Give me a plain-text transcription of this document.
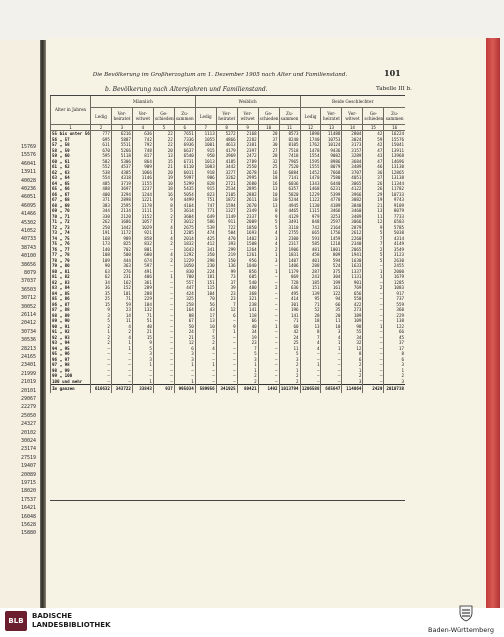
15769
15576
46041
13911
40028
40236
46051
46095
41466
45302
41052
40733
38743
40100
38656
8079
37037
36503
30712
30052
26114
20412
30734
30536
28213
24165
23401
21999
21019
20101
29067
22279
25050
24327
20102
30024
23174
27519
19407
20089
19715
18020
17537
16421
16048
15628
15880
101
Die Bevölkerung im Großherzogtum am 1. Dezember 1905 nach Alter und Familienstand.
b. Bevölkerung nach Altersjahren und Familienstand.	Tabelle III b.
Alter in Jahren	Männlich					Weiblich					Beide Geschlechter				
	Ledig	Ver-heiratet	Ver-witwet	Ge-schieden	Zu-sammen	Ledig	Ver-heiratet	Ver-witwet	Ge-schieden	Zu-sammen	Ledig	Ver-heiratet	Ver-witwet	Ge-schieden	Zu-sammen
1	2	3	4	5	6	7	8	9	10	11	12	13	14	15	16
55 bis unter 56	777	6216	636	22	7651	1113	5272	2168	20	8573	1890	11488	2804	42	16224
56 „ 57	695	5887	742	22	7336	1055	4866	2282	37	8240	1740	10753	3024	59	15576
57 „ 58	611	5511	792	22	6936	1001	4613	2381	30	8105	1762	10124	3173	42	15041
58 „ 59	670	5266	748	20	6637	915	4179	2397	27	7518	1478	9436	3157	47	13911
59 „ 60	595	5118	817	13	6540	950	3969	2472	28	7418	1554	9082	3289	43	13968
60 „ 61	582	5306	864	15	6731	1013	4185	2789	32	7965	1595	8986	3684	47	14696
61 „ 62	552	4537	909	21	6110	1003	3442	2550	25	7520	1555	8079	3489	46	13130
62 „ 63	538	4385	1066	20	6011	918	3277	2678	16	6884	1452	7668	3707	36	12865
63 „ 64	554	4318	1146	19	5997	906	3262	2995	18	7141	1470	7580	4051	37	13138
64 „ 65	485	3719	1155	10	5299	828	2721	2680	16	6036	1343	6440	3065	26	11344
65 „ 66	488	3697	1237	18	5435	915	2534	2895	13	6357	1468	6231	4122	26	11782
66 „ 67	400	3294	1244	16	5054	823	2105	2882	10	5820	1229	5399	3966	29	10733
67 „ 68	371	2898	1221	9	4499	751	1872	2611	10	5244	1122	4770	3882	19	9743
68 „ 69	383	2595	1178	8	4164	747	1594	2670	13	4945	1130	4189	3848	21	9109
69 „ 70	344	2134	1111	5	3614	771	1327	2349	8	4465	1115	3466	3460	13	8079
70 „ 71	330	2120	1152	2	3604	649	1149	2337	9	4129	979	3253	3489	11	7733
71 „ 72	262	1686	1057	7	3012	586	911	2009	5	3491	848	2597	3066	12	6503
72 „ 73	250	1442	1029	4	2675	539	722	1850	5	3110	742	2164	2879	9	5785
73 „ 74	191	1172	921	1	2285	474	584	1693	4	2755	665	1756	2612	5	5038
74 „ 75	168	989	858	4	2014	425	470	1402	3	2300	593	1459	2260	7	4314
75 „ 76	173	825	832	2	1832	412	393	1508	4	2317	585	1218	2340	7	4149
76 „ 77	140	702	801	—	1643	341	299	1264	2	1906	481	1001	2065	2	3549
77 „ 78	108	500	680	4	1292	350	219	1261	1	1831	458	809	1941	5	3123
78 „ 79	109	444	674	2	1229	298	150	956	3	1407	401	594	1630	5	2630
79 „ 80	90	363	597	—	1050	230	136	1040	—	1406	288	524	1633	—	2455
80 „ 81	63	276	491	—	830	224	99	856	1	1179	287	375	1337	1	2000
81 „ 82	62	231	406	1	700	181	73	605	—	869	243	304	1131	1	1679
82 „ 83	34	162	361	—	557	151	37	540	—	728	185	199	901	—	1285
83 „ 84	36	152	289	—	447	115	39	480	2	636	151	161	769	2	1083
84 „ 85	35	101	288	—	424	104	23	368	—	495	139	122	656	—	917
85 „ 86	25	71	229	—	325	70	23	321	—	414	95	94	550	—	737
86 „ 87	15	59	184	—	258	56	7	238	—	301	71	66	422	—	559
87 „ 88	9	23	132	—	164	43	12	141	—	196	52	35	273	—	360
88 „ 89	3	14	71	—	88	17	6	118	—	141	20	20	189	—	229
89 „ 90	5	11	51	—	67	13	—	66	—	71	18	11	109	—	138
90 „ 91	2	4	40	—	50	10	9	40	1	60	13	10	98	1	122
91 „ 92	1	2	21	—	24	7	1	34	—	42	8	3	55	—	66
92 „ 93	2	4	15	—	21	5	—	19	—	24	7	4	34	—	45
93 „ 94	2	1	9	—	12	2	—	23	—	25	4	1	32	—	37
94 „ 95	—	1	5	—	6	4	—	7	—	11	4	1	12	—	17
95 „ 96	—	—	3	—	3	—	—	5	—	5	—	—	8	—	8
96 „ 97	—	—	3	—	3	—	—	3	—	3	—	—	6	—	6
97 „ 98	—	—	1	—	1	1	—	1	—	2	1	—	2	—	3
98 „ 99	—	—	—	—	—	—	—	1	—	1	—	—	1	—	1
99 „ 100	—	—	—	—	—	—	—	2	—	2	—	—	2	—	2
100 und mehr	—	—	1	—	1	—	—	2	—	2	—	—	3	—	3
Im ganzen	616632	343722	33843	937	995034	589956	341925	80421	1492	1013794	1206588	685647	114064	2429	2010738
BLB
BADISCHE
LANDESBIBLIOTHEK
Baden-Württemberg
